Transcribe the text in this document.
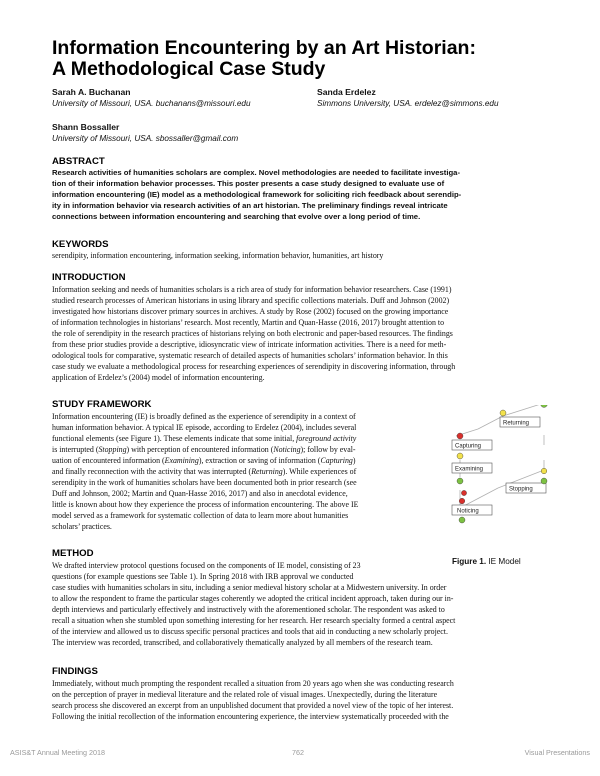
Information Encountering by an Art Historian:
A Methodological Case Study
Sarah A. Buchanan
University of Missouri, USA. buchanans@missouri.edu
Sanda Erdelez
Simmons University, USA. erdelez@simmons.edu
Shann Bossaller
University of Missouri, USA. sbossaller@gmail.com
ABSTRACT
Research activities of humanities scholars are complex. Novel methodologies are needed to facilitate investiga-
tion of their information behavior processes. This poster presents a case study designed to evaluate use of
information encountering (IE) model as a methodological framework for soliciting rich feedback about serendip-
ity in information behavior via research activities of an art historian. The preliminary findings reveal intricate
connections between information encountering and searching that evolve over a long period of time.
KEYWORDS
serendipity, information encountering, information seeking, information behavior, humanities, art history
INTRODUCTION
Information seeking and needs of humanities scholars is a rich area of study for information behavior researchers. Case (1991)
studied research processes of American historians in using library and specific collections materials. Duff and Johnson (2002)
investigated how historians discover primary sources in archives. A study by Rose (2002) focused on the growing importance
of information technologies in historians’ research. Most recently, Martin and Quan-Hasse (2016, 2017) brought attention to
the role of serendipity in the research practices of historians relying on both electronic and paper-based resources. The findings
from these prior studies provide a descriptive, idiosyncratic view of intricate information activities. There is a need for meth-
odological tools for comparative, systematic research of detailed aspects of humanities scholars’ information behavior. In this
case study we evaluate a methodological process for researching experiences of serendipity in discovering information, through
application of Erdelez’s (2004) model of information encountering.
STUDY FRAMEWORK
Information encountering (IE) is broadly defined as the experience of serendipity in a context of
human information behavior. A typical IE episode, according to Erdelez (2004), includes several
functional elements (see Figure 1). These elements indicate that some initial, foreground activity
is interrupted (Stopping) with perception of encountered information (Noticing); follow by eval-
uation of encountered information (Examining), extraction or saving of information (Capturing)
and finally reconnection with the activity that was interrupted (Returning). While experiences of
serendipity in the work of humanities scholars have been documented both in prior research (see
Duff and Johnson, 2002; Martin and Quan-Hasse 2016, 2017) and also in anecdotal evidence,
little is known about how they experience the process of information encountering. The above IE
model served as a framework for systematic collection of data to learn more about humanities
scholars’ practices.
Returning
Capturing
Examining
Stopping
Noticing
Figure 1. IE Model
METHOD
We drafted interview protocol questions focused on the components of IE model, consisting of 23
questions (for example questions see Table 1). In Spring 2018 with IRB approval we conducted
case studies with humanities scholars in situ, including a senior medieval history scholar at a Midwestern university. In order
to allow the respondent to frame the particular stages coherently we adopted the critical incident approach, taken during our in-
depth interviews and particularly effectively and instructively with the aforementioned scholar. The respondent was asked to
recall a situation when she stumbled upon something interesting for her research. Her research specialty formed a central aspect
of the interview and allowed us to discuss specific personal practices and tools that aid in conducting a new scholarly project.
The interview was recorded, transcribed, and collaboratively thematically analyzed by all members of the research team.
FINDINGS
Immediately, without much prompting the respondent recalled a situation from 20 years ago when she was conducting research
on the perception of prayer in medieval literature and the related role of visual images. Unexpectedly, during the literature
search process she discovered an excerpt from an unpublished document that provided a novel view of the topic of her interest.
Following the initial recollection of the information encountering experience, the interview systematically proceeded with the
ASIS&T Annual Meeting 2018	762	Visual Presentations
